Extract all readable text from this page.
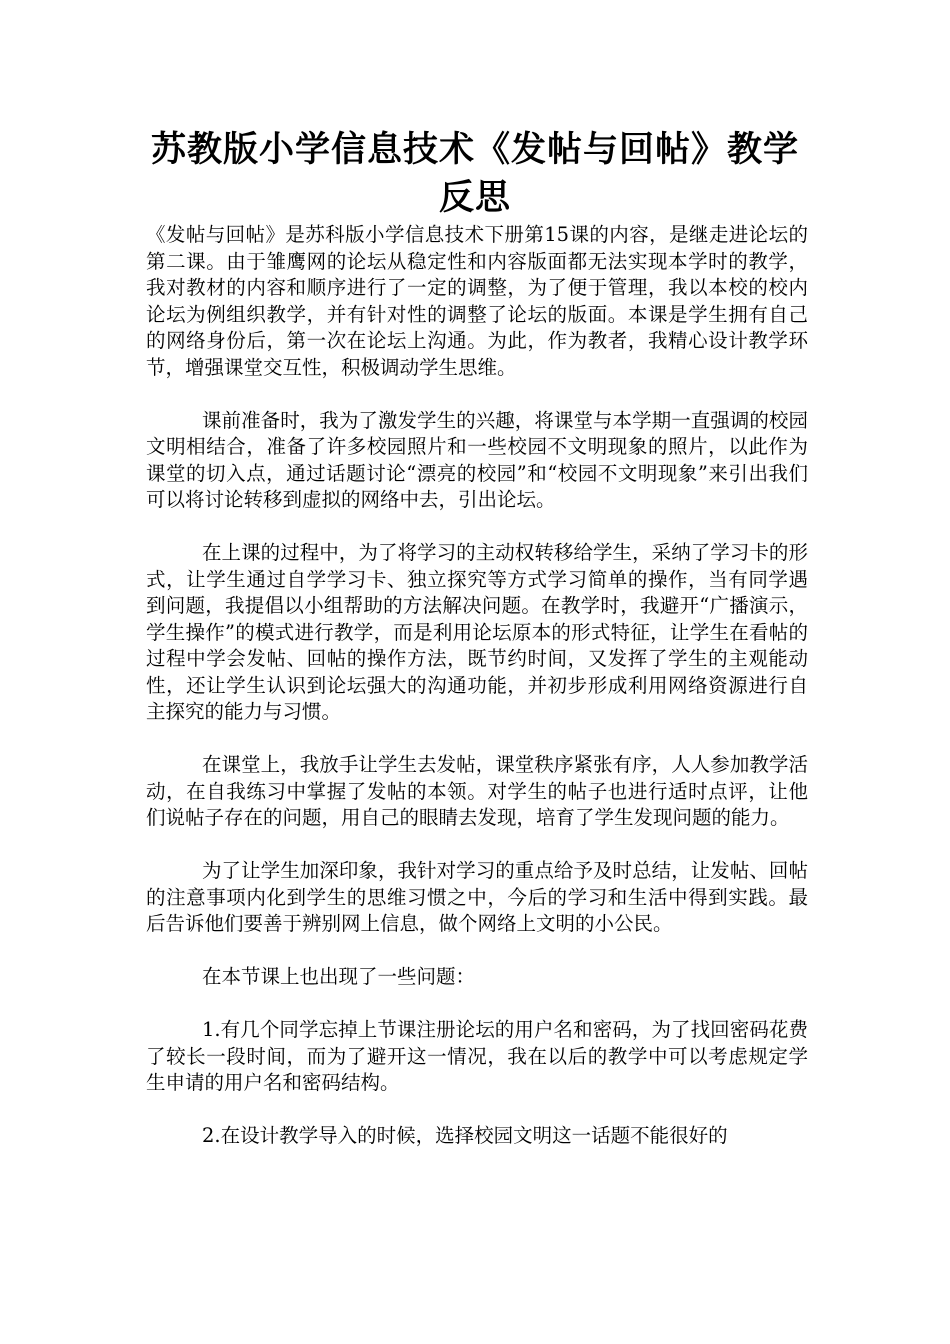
苏教版小学信息技术《发帖与回帖》教学反思

《发帖与回帖》是苏科版小学信息技术下册第15课的内容，是继走进论坛的第二课。由于雏鹰网的论坛从稳定性和内容版面都无法实现本学时的教学，我对教材的内容和顺序进行了一定的调整，为了便于管理，我以本校的校内论坛为例组织教学，并有针对性的调整了论坛的版面。本课是学生拥有自己的网络身份后，第一次在论坛上沟通。为此，作为教者，我精心设计教学环节，增强课堂交互性，积极调动学生思维。

课前准备时，我为了激发学生的兴趣，将课堂与本学期一直强调的校园文明相结合，准备了许多校园照片和一些校园不文明现象的照片，以此作为课堂的切入点，通过话题讨论“漂亮的校园”和“校园不文明现象”来引出我们可以将讨论转移到虚拟的网络中去，引出论坛。

在上课的过程中，为了将学习的主动权转移给学生，采纳了学习卡的形式，让学生通过自学学习卡、独立探究等方式学习简单的操作，当有同学遇到问题，我提倡以小组帮助的方法解决问题。在教学时，我避开“广播演示，学生操作”的模式进行教学，而是利用论坛原本的形式特征，让学生在看帖的过程中学会发帖、回帖的操作方法，既节约时间，又发挥了学生的主观能动性，还让学生认识到论坛强大的沟通功能，并初步形成利用网络资源进行自主探究的能力与习惯。

在课堂上，我放手让学生去发帖，课堂秩序紧张有序，人人参加教学活动，在自我练习中掌握了发帖的本领。对学生的帖子也进行适时点评，让他们说帖子存在的问题，用自己的眼睛去发现，培育了学生发现问题的能力。

为了让学生加深印象，我针对学习的重点给予及时总结，让发帖、回帖的注意事项内化到学生的思维习惯之中，今后的学习和生活中得到实践。最后告诉他们要善于辨别网上信息，做个网络上文明的小公民。

在本节课上也出现了一些问题：

1.有几个同学忘掉上节课注册论坛的用户名和密码，为了找回密码花费了较长一段时间，而为了避开这一情况，我在以后的教学中可以考虑规定学生申请的用户名和密码结构。

2.在设计教学导入的时候，选择校园文明这一话题不能很好的
